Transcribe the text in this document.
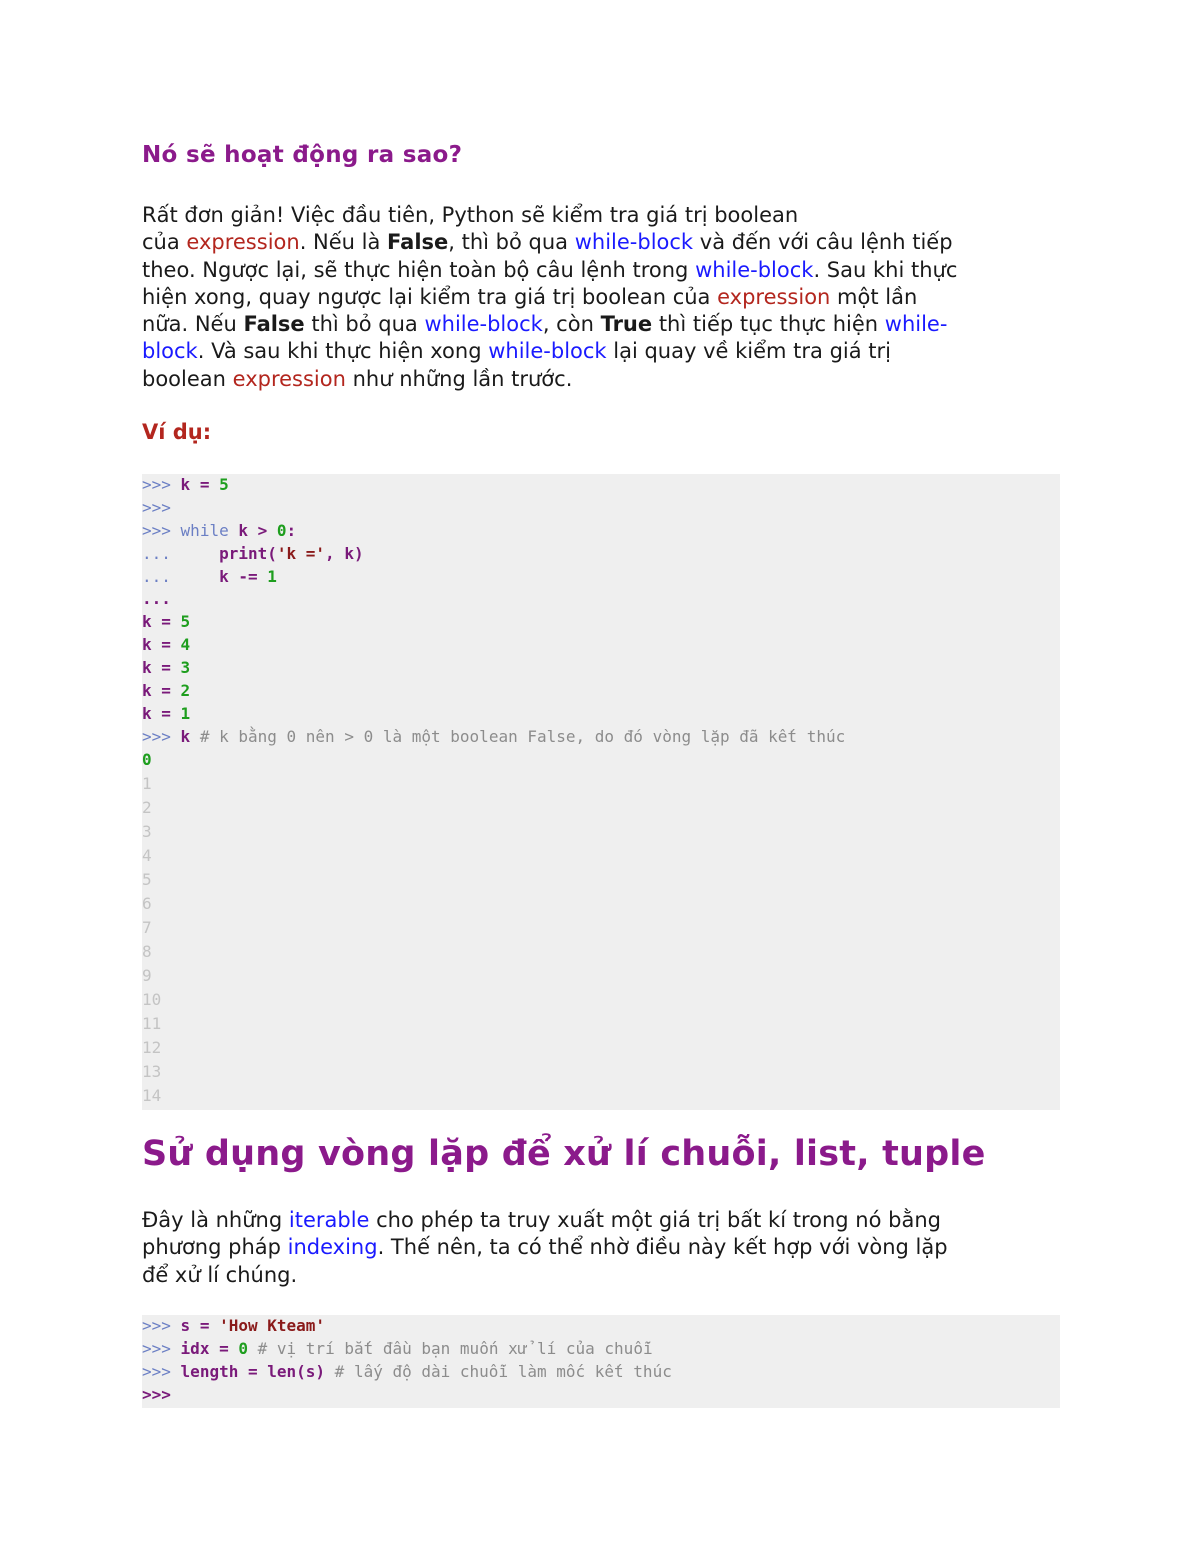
Nó sẽ hoạt động ra sao?

Rất đơn giản! Việc đầu tiên, Python sẽ kiểm tra giá trị boolean
của expression. Nếu là False, thì bỏ qua while-block và đến với câu lệnh tiếp
theo. Ngược lại, sẽ thực hiện toàn bộ câu lệnh trong while-block. Sau khi thực
hiện xong, quay ngược lại kiểm tra giá trị boolean của expression một lần
nữa. Nếu False thì bỏ qua while-block, còn True thì tiếp tục thực hiện while-
block. Và sau khi thực hiện xong while-block lại quay về kiểm tra giá trị
boolean expression như những lần trước.

Ví dụ:

>>> k = 5
>>>
>>> while k > 0:
...	print('k =', k)
...	k -= 1
...
k = 5
k = 4
k = 3
k = 2
k = 1
>>> k # k bằng 0 nên > 0 là một boolean False, do đó vòng lặp đã kết thúc
0
1
2
3
4
5
6
7
8
9
10
11
12
13
14
Sử dụng vòng lặp để xử lí chuỗi, list, tuple

Đây là những iterable cho phép ta truy xuất một giá trị bất kí trong nó bằng
phương pháp indexing. Thế nên, ta có thể nhờ điều này kết hợp với vòng lặp
để xử lí chúng.

>>> s = 'How Kteam'
>>> idx = 0 # vị trí bắt đầu bạn muốn xử lí của chuỗi
>>> length = len(s) # lấy độ dài chuỗi làm mốc kết thúc
>>>
